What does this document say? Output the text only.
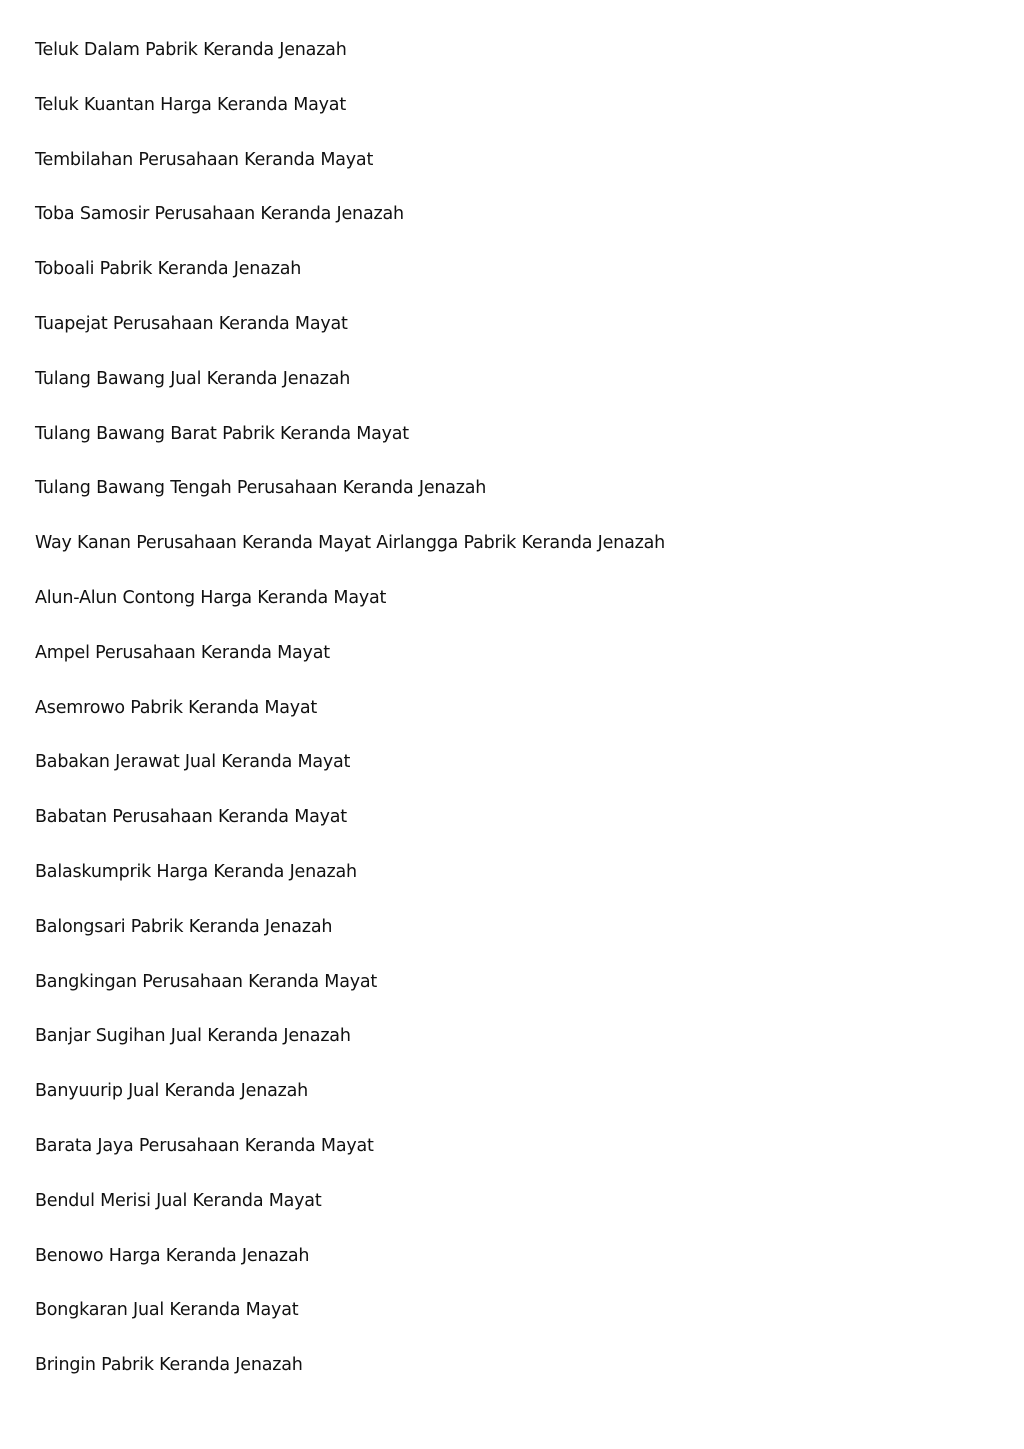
Teluk Dalam Pabrik Keranda Jenazah
Teluk Kuantan Harga Keranda Mayat
Tembilahan Perusahaan Keranda Mayat
Toba Samosir Perusahaan Keranda Jenazah
Toboali Pabrik Keranda Jenazah
Tuapejat Perusahaan Keranda Mayat
Tulang Bawang Jual Keranda Jenazah
Tulang Bawang Barat Pabrik Keranda Mayat
Tulang Bawang Tengah Perusahaan Keranda Jenazah
Way Kanan Perusahaan Keranda Mayat Airlangga Pabrik Keranda Jenazah
Alun-Alun Contong Harga Keranda Mayat
Ampel Perusahaan Keranda Mayat
Asemrowo Pabrik Keranda Mayat
Babakan Jerawat Jual Keranda Mayat
Babatan Perusahaan Keranda Mayat
Balaskumprik Harga Keranda Jenazah
Balongsari Pabrik Keranda Jenazah
Bangkingan Perusahaan Keranda Mayat
Banjar Sugihan Jual Keranda Jenazah
Banyuurip Jual Keranda Jenazah
Barata Jaya Perusahaan Keranda Mayat
Bendul Merisi Jual Keranda Mayat
Benowo Harga Keranda Jenazah
Bongkaran Jual Keranda Mayat
Bringin Pabrik Keranda Jenazah
